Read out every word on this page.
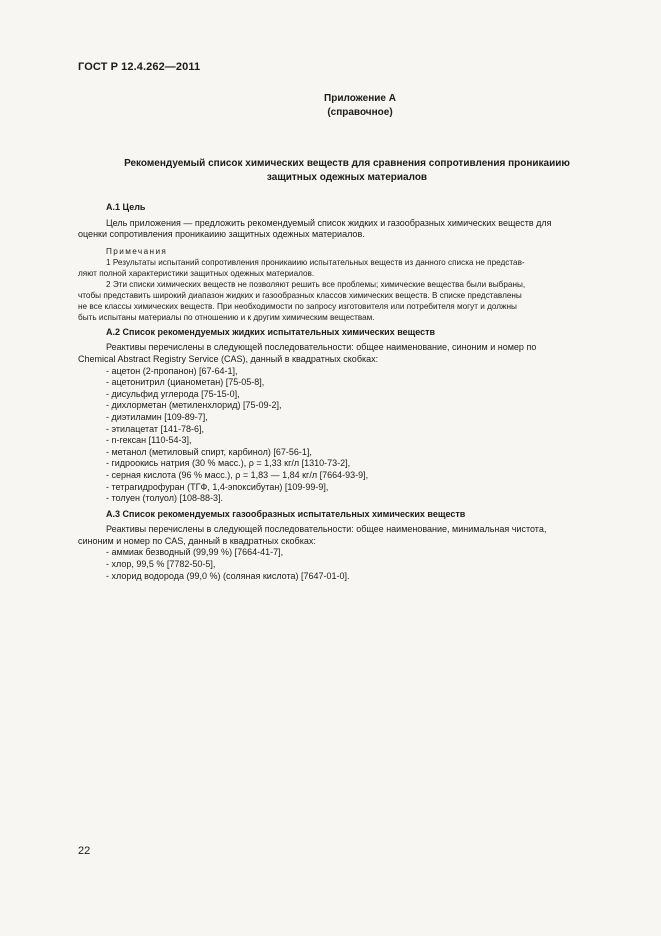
ГОСТ Р 12.4.262—2011
Приложение А
(справочное)
Рекомендуемый список химических веществ для сравнения сопротивления проникаиию
защитных одежных материалов
А.1 Цель
Цель приложения — предложить рекомендуемый список жидких и газообразных химических веществ для
оценки сопротивления проникаиию защитных одежных материалов.
Примечания
1 Результаты испытаний сопротивления проникаиию испытательных веществ из данного списка не представ-
ляют полной характеристики защитных одежных материалов.
2 Эти списки химических веществ не позволяют решить все проблемы; химические вещества были выбраны,
чтобы представить широкий диапазон жидких и газообразных классов химических веществ. В списке представлены
не все классы химических веществ. При необходимости по запросу изготовителя или потребителя могут и должны
быть испытаны материалы по отношению и к другим химическим веществам.
А.2 Список рекомендуемых жидких испытательных химических веществ
Реактивы перечислены в следующей последовательности: общее наименование, синоним и номер по
Chemical Abstract Registry Service (CAS), данный в квадратных скобках:
- ацетон (2-пропанон) [67-64-1],
- ацетонитрил (цианометан) [75-05-8],
- дисульфид углерода [75-15-0],
- дихлорметан (метиленхлорид) [75-09-2],
- диэтиламин [109-89-7],
- этилацетат [141-78-6],
- n-гексан [110-54-3],
- метанол (метиловый спирт, карбинол) [67-56-1],
- гидроокись натрия (30 % масс.), ρ = 1,33 кг/л [1310-73-2],
- серная кислота (96 % масс.), ρ = 1,83 — 1,84 кг/л [7664-93-9],
- тетрагидрофуран (ТГФ, 1,4-эпоксибутан) [109-99-9],
- толуен (толуол) [108-88-3].
А.3 Список рекомендуемых газообразных испытательных химических веществ
Реактивы перечислены в следующей последовательности: общее наименование, минимальная чистота,
синоним и номер по CAS, данный в квадратных скобках:
- аммиак безводный (99,99 %) [7664-41-7],
- хлор, 99,5 % [7782-50-5],
- хлорид водорода (99,0 %) (соляная кислота) [7647-01-0].
22
